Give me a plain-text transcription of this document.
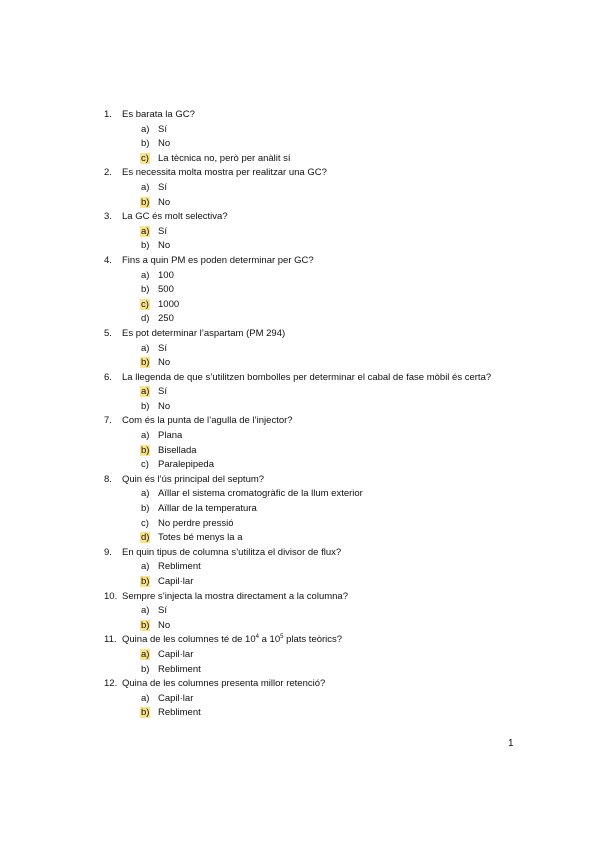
1.	Es barata la GC?
a) Sí
b) No
c) La tècnica no, però per anàlit sí
2.	Es necessita molta mostra per realitzar una GC?
a) Sí
b) No
3.	La GC és molt selectiva?
a) Sí
b) No
4.	Fins a quin PM es poden determinar per GC?
a) 100
b) 500
c) 1000
d) 250
5.	Es pot determinar l’aspartam (PM 294)
a) Sí
b) No
6.	La llegenda de que s’utilitzen bombolles per determinar el cabal de fase mòbil és certa?
a) Sí
b) No
7.	Com és la punta de l’agulla de l’injector?
a) Plana
b) Bisellada
c) Paralepipeda
8.	Quin és l’ús principal del septum?
a) Aïllar el sistema cromatogràfic de la llum exterior
b) Aïllar de la temperatura
c) No perdre pressió
d) Totes bé menys la a
9.	En quin tipus de columna s’utilitza el divisor de flux?
a) Rebliment
b) Capil·lar
10. Sempre s’injecta la mostra directament a la columna?
a) Sí
b) No
11. Quina de les columnes té de $10^4$ a $10^5$ plats teòrics?
a) Capil·lar
b) Rebliment
12. Quina de les columnes presenta millor retenció?
a) Capil·lar
b) Rebliment
1
